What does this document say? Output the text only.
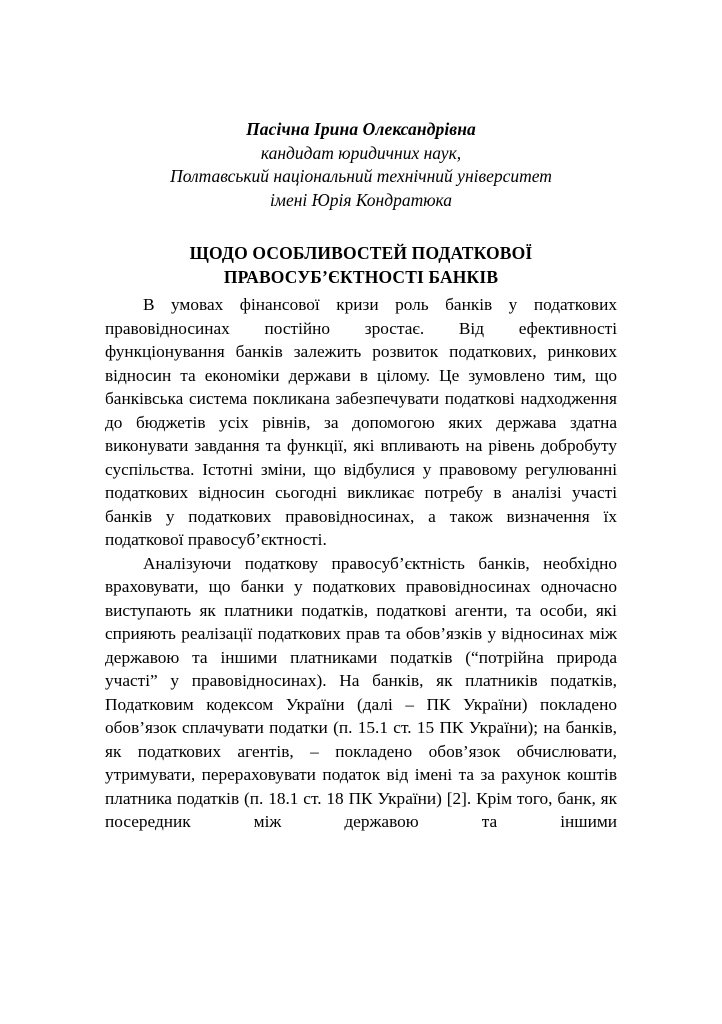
Пасічна Ірина Олександрівна
кандидат юридичних наук,
Полтавський національний технічний університет
імені Юрія Кондратюка
ЩОДО ОСОБЛИВОСТЕЙ ПОДАТКОВОЇ
ПРАВОСУБ’ЄКТНОСТІ БАНКІВ

В умовах фінансової кризи роль банків у податкових правовідносинах постійно зростає. Від ефективності функціонування банків залежить розвиток податкових, ринкових відносин та економіки держави в цілому. Це зумовлено тим, що банківська система покликана забезпечувати податкові надходження до бюджетів усіх рівнів, за допомогою яких держава здатна виконувати завдання та функції, які впливають на рівень добробуту суспільства. Істотні зміни, що відбулися у правовому регулюванні податкових відносин сьогодні викликає потребу в аналізі участі банків у податкових правовідносинах, а також визначення їх податкової правосуб’єктності.

Аналізуючи податкову правосуб’єктність банків, необхідно враховувати, що банки у податкових правовідносинах одночасно виступають як платники податків, податкові агенти, та особи, які сприяють реалізації податкових прав та обов’язків у відносинах між державою та іншими платниками податків (“потрійна природа участі” у правовідносинах). На банків, як платників податків, Податковим кодексом України (далі – ПК України) покладено обов’язок сплачувати податки (п. 15.1 ст. 15 ПК України); на банків, як податкових агентів, – покладено обов’язок обчислювати, утримувати, перераховувати податок від імені та за рахунок коштів платника податків (п. 18.1 ст. 18 ПК України) [2]. Крім того, банк, як посередник між державою та іншими
